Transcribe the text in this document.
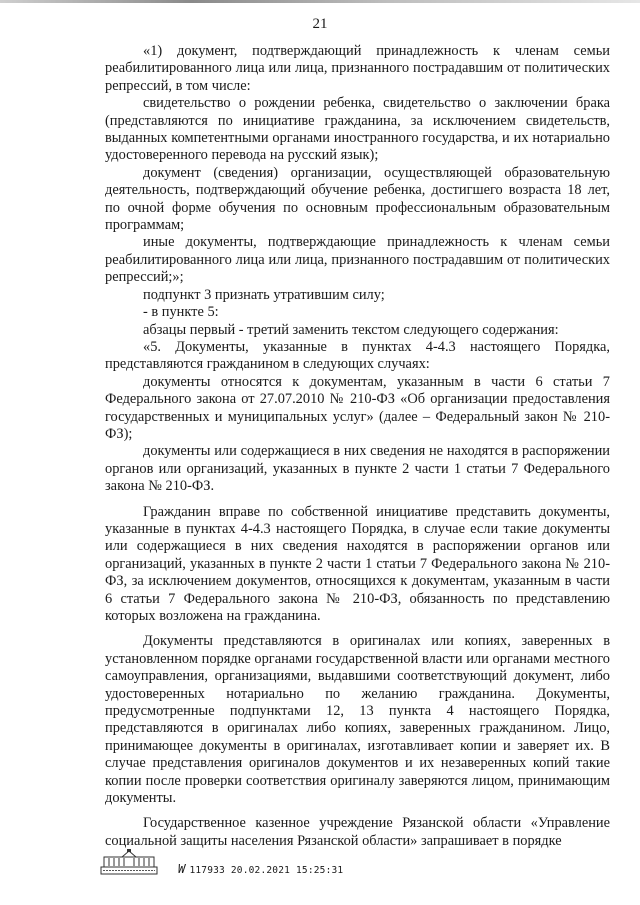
21

«1) документ, подтверждающий принадлежность к членам семьи реабилитированного лица или лица, признанного пострадавшим от политических репрессий, в том числе:

свидетельство о рождении ребенка, свидетельство о заключении брака (представляются по инициативе гражданина, за исключением свидетельств, выданных компетентными органами иностранного государства, и их нотариально удостоверенного перевода на русский язык);

документ (сведения) организации, осуществляющей образовательную деятельность, подтверждающий обучение ребенка, достигшего возраста 18 лет, по очной форме обучения по основным профессиональным образовательным программам;

иные документы, подтверждающие принадлежность к членам семьи реабилитированного лица или лица, признанного пострадавшим от политических репрессий;»;

подпункт 3 признать утратившим силу;

- в пункте 5:

абзацы первый - третий заменить текстом следующего содержания:

«5. Документы, указанные в пунктах 4-4.3 настоящего Порядка, представляются гражданином в следующих случаях:

документы относятся к документам, указанным в части 6 статьи 7 Федерального закона от 27.07.2010 № 210-ФЗ «Об организации предоставления государственных и муниципальных услуг» (далее – Федеральный закон № 210-ФЗ);

документы или содержащиеся в них сведения не находятся в распоряжении органов или организаций, указанных в пункте 2 части 1 статьи 7 Федерального закона № 210-ФЗ.

Гражданин вправе по собственной инициативе представить документы, указанные в пунктах 4-4.3 настоящего Порядка, в случае если такие документы или содержащиеся в них сведения находятся в распоряжении органов или организаций, указанных в пункте 2 части 1 статьи 7 Федерального закона № 210-ФЗ, за исключением документов, относящихся к документам, указанным в части 6 статьи 7 Федерального закона № 210-ФЗ, обязанность по представлению которых возложена на гражданина.

Документы представляются в оригиналах или копиях, заверенных в установленном порядке органами государственной власти или органами местного самоуправления, организациями, выдавшими соответствующий документ, либо удостоверенных нотариально по желанию гражданина. Документы, предусмотренные подпунктами 12, 13 пункта 4 настоящего Порядка, представляются в оригиналах либо копиях, заверенных гражданином. Лицо, принимающее документы в оригиналах, изготавливает копии и заверяет их. В случае представления оригиналов документов и их незаверенных копий такие копии после проверки соответствия оригиналу заверяются лицом, принимающим документы.

Государственное казенное учреждение Рязанской области «Управление социальной защиты населения Рязанской области» запрашивает в порядке

W 117933 20.02.2021 15:25:31
